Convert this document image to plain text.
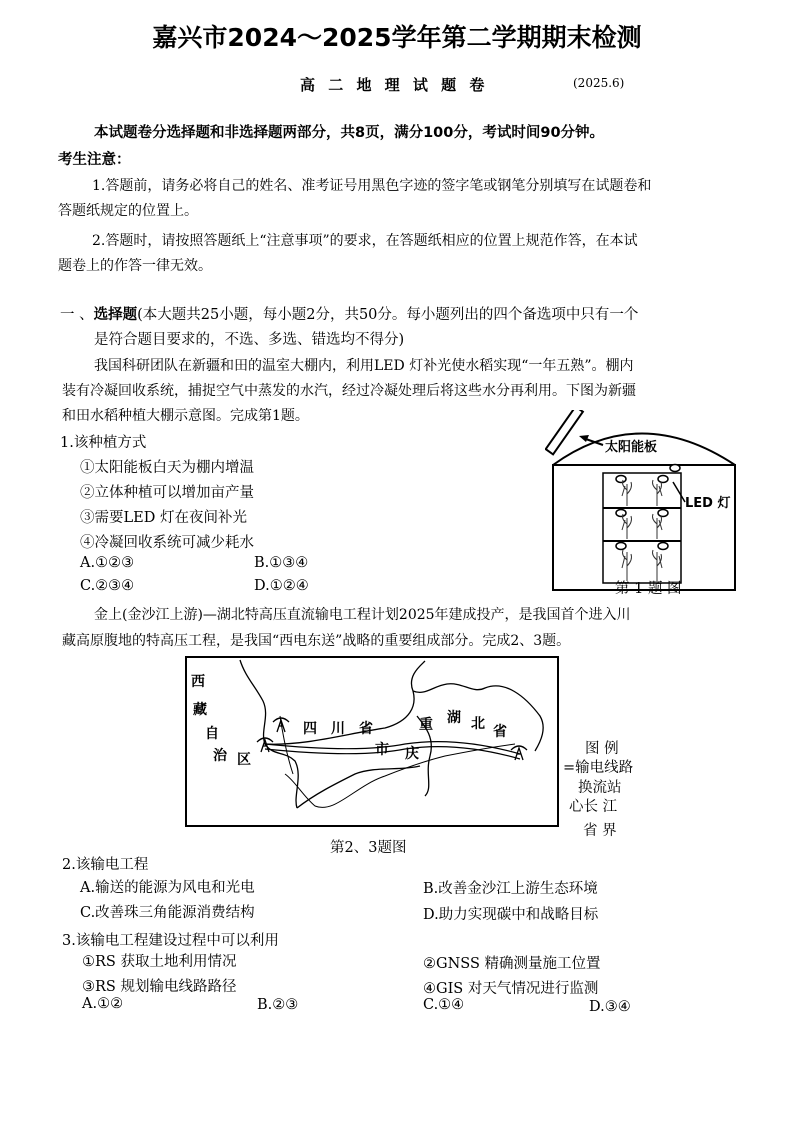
嘉兴市2024～2025学年第二学期期末检测
高 二 地 理 试 题 卷	(2025.6)
本试题卷分选择题和非选择题两部分，共8页，满分100分，考试时间90分钟。
考生注意：
1.答题前，请务必将自己的姓名、准考证号用黑色字迹的签字笔或钢笔分别填写在试题卷和
答题纸规定的位置上。
2.答题时，请按照答题纸上“注意事项”的要求，在答题纸相应的位置上规范作答，在本试
题卷上的作答一律无效。
一 、选择题(本大题共25小题，每小题2分，共50分。每小题列出的四个备选项中只有一个
是符合题目要求的，不选、多选、错选均不得分)
我国科研团队在新疆和田的温室大棚内，利用LED 灯补光使水稻实现“一年五熟”。棚内
装有冷凝回收系统，捕捉空气中蒸发的水汽，经过冷凝处理后将这些水分再利用。下图为新疆
和田水稻种植大棚示意图。完成第1题。
1.该种植方式
①太阳能板白天为棚内增温
②立体种植可以增加亩产量
③需要LED 灯在夜间补光
④冷凝回收系统可减少耗水
A.①②③	B.①③④
C.②③④	D.①②④
太阳能板
LED 灯
第 1 题 图
金上(金沙江上游)—湖北特高压直流输电工程计划2025年建成投产，是我国首个进入川
藏高原腹地的特高压工程，是我国“西电东送”战略的重要组成部分。完成2、3题。
西
藏
自
治 区
四　川　省	重
市 庆
湖 北 省
图 例
=输电线路
换流站
心长 江
省 界
第2、3题图
2.该输电工程
A.输送的能源为风电和光电	B.改善金沙江上游生态环境
C.改善珠三角能源消费结构	D.助力实现碳中和战略目标
3.该输电工程建设过程中可以利用
①RS 获取土地利用情况	②GNSS 精确测量施工位置
③RS 规划输电线路路径	④GIS 对天气情况进行监测
A.①②	B.②③	C.①④	D.③④
